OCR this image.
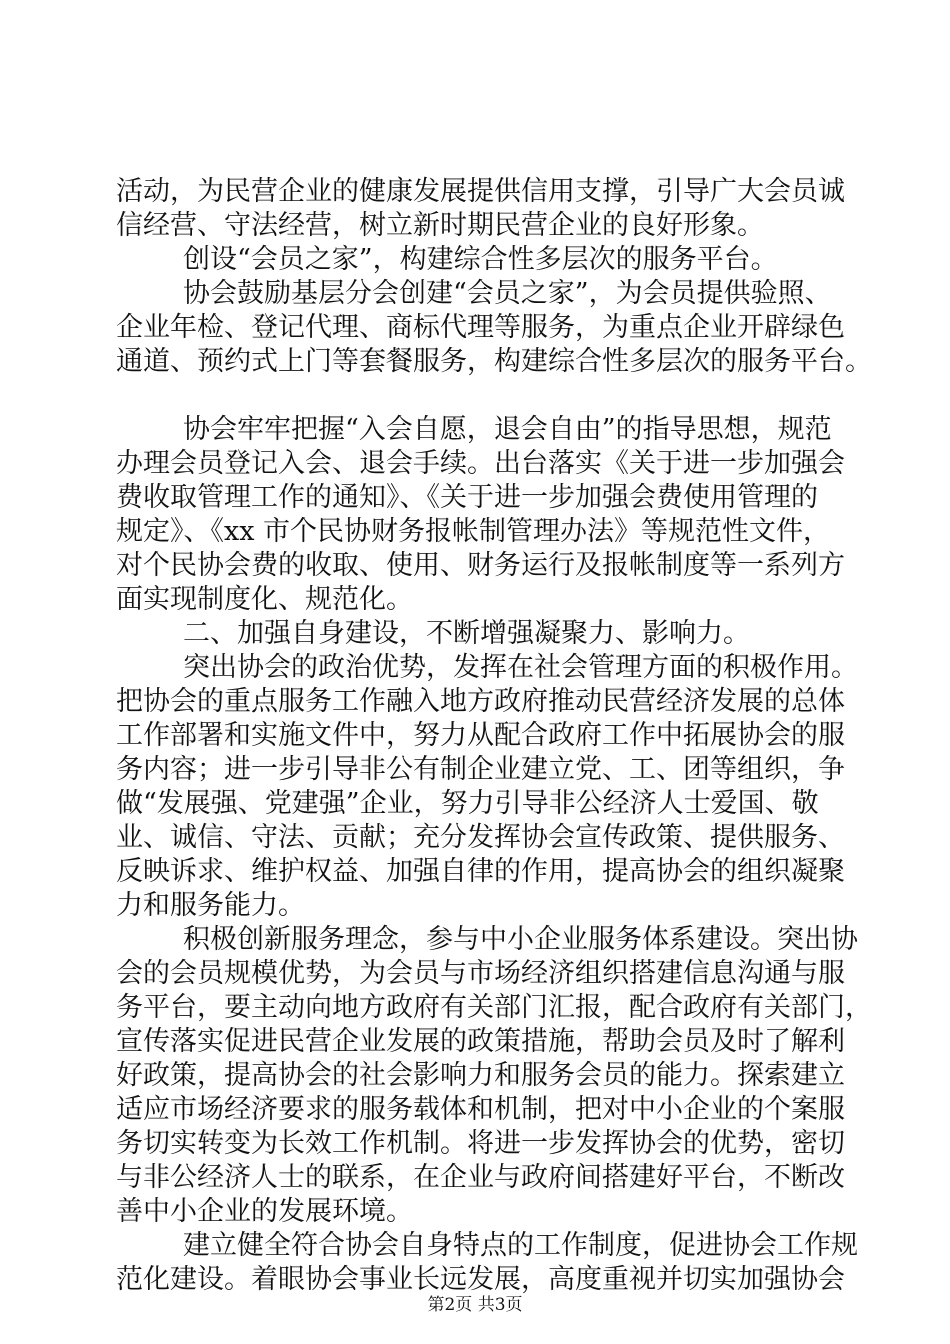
活动，为民营企业的健康发展提供信用支撑，引导广大会员诚
信经营、守法经营，树立新时期民营企业的良好形象。
创设“会员之家”，构建综合性多层次的服务平台。
协会鼓励基层分会创建“会员之家”，为会员提供验照、
企业年检、登记代理、商标代理等服务，为重点企业开辟绿色
通道、预约式上门等套餐服务，构建综合性多层次的服务平台。
协会牢牢把握“入会自愿，退会自由”的指导思想，规范
办理会员登记入会、退会手续。出台落实《关于进一步加强会
费收取管理工作的通知》、《关于进一步加强会费使用管理的
规定》、《xx 市个民协财务报帐制管理办法》等规范性文件，
对个民协会费的收取、使用、财务运行及报帐制度等一系列方
面实现制度化、规范化。
二、加强自身建设，不断增强凝聚力、影响力。
突出协会的政治优势，发挥在社会管理方面的积极作用。
把协会的重点服务工作融入地方政府推动民营经济发展的总体
工作部署和实施文件中，努力从配合政府工作中拓展协会的服
务内容；进一步引导非公有制企业建立党、工、团等组织，争
做“发展强、党建强”企业，努力引导非公经济人士爱国、敬
业、诚信、守法、贡献；充分发挥协会宣传政策、提供服务、
反映诉求、维护权益、加强自律的作用，提高协会的组织凝聚
力和服务能力。
积极创新服务理念，参与中小企业服务体系建设。突出协
会的会员规模优势，为会员与市场经济组织搭建信息沟通与服
务平台，要主动向地方政府有关部门汇报，配合政府有关部门，
宣传落实促进民营企业发展的政策措施，帮助会员及时了解利
好政策，提高协会的社会影响力和服务会员的能力。探索建立
适应市场经济要求的服务载体和机制，把对中小企业的个案服
务切实转变为长效工作机制。将进一步发挥协会的优势，密切
与非公经济人士的联系，在企业与政府间搭建好平台，不断改
善中小企业的发展环境。
建立健全符合协会自身特点的工作制度，促进协会工作规
范化建设。着眼协会事业长远发展，高度重视并切实加强协会
第2页 共3页
